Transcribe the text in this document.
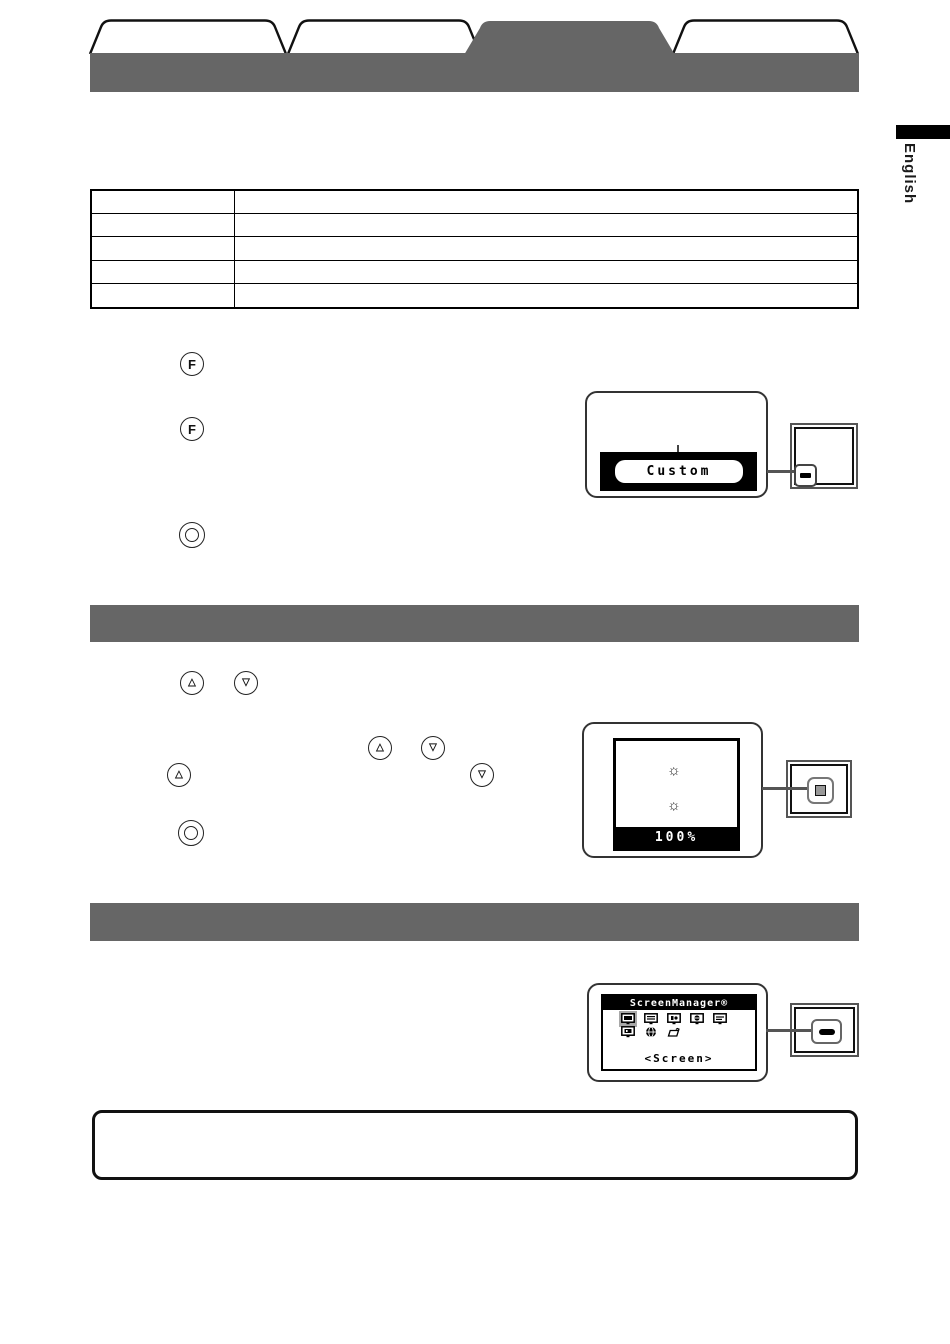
English
F
F
Custom
△	▽
△	▽
△	▽	☼
☼
100%
ScreenManager®
<Screen>
